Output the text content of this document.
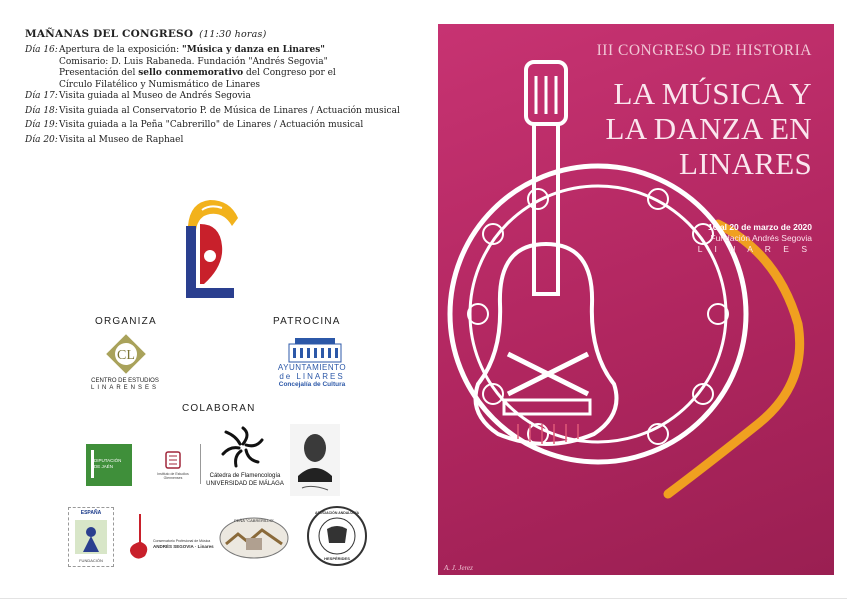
MAÑANAS DEL CONGRESO (11:30 horas)
Día 16: Apertura de la exposición: "Música y danza en Linares"
Comisario: D. Luis Rabaneda. Fundación "Andrés Segovia"
Presentación del sello conmemorativo del Congreso por el
Círculo Filatélico y Numismático de Linares
Día 17: Visita guiada al Museo de Andrés Segovia
Día 18: Visita guiada al Conservatorio P. de Música de Linares / Actuación musical
Día 19: Visita guiada a la Peña "Cabrerillo" de Linares / Actuación musical
Día 20: Visita al Museo de Raphael
ORGANIZA	PATROCINA
CL
CENTRO DE ESTUDIOS
LINARENSES
AYUNTAMIENTO
de LINARES
Concejalía de Cultura
COLABORAN
DIPUTACIÓN
DE JAÉN
Instituto de Estudios Giennenses	Cátedra de Flamencología
UNIVERSIDAD DE MÁLAGA
ESPAÑA
FUNDACIÓN
Conservatorio Profesional de Música
ANDRÉS SEGOVIA · Linares
PEÑA "CABRERILLO"
ASOCIACIÓN ANDALUCÍA
HESPÉRIDES
III CONGRESO DE HISTORIA
LA MÚSICA Y
LA DANZA EN
LINARES
16 al 20 de marzo de 2020
Fundación Andrés Segovia
L I N A R E S
A. J. Jerez
